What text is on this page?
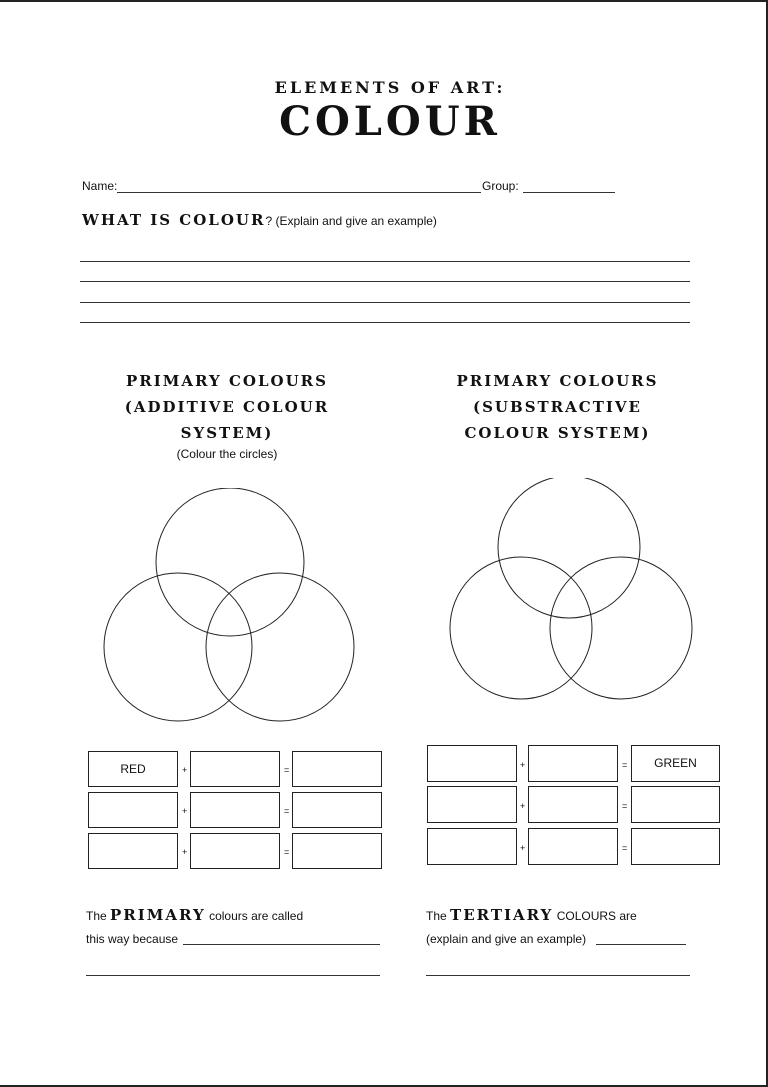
ELEMENTS OF ART:
COLOUR
Name:	Group:
WHAT IS COLOUR? (Explain and give an example)
PRIMARY COLOURS
(ADDITIVE COLOUR
SYSTEM)
(Colour the circles)
PRIMARY COLOURS
(SUBSTRACTIVE
COLOUR SYSTEM)
RED	+	=
+	=
+	=
+	=	GREEN
+	=
+	=
The PRIMARY colours are called
this way because
The TERTIARY COLOURS are
(explain and give an example)
